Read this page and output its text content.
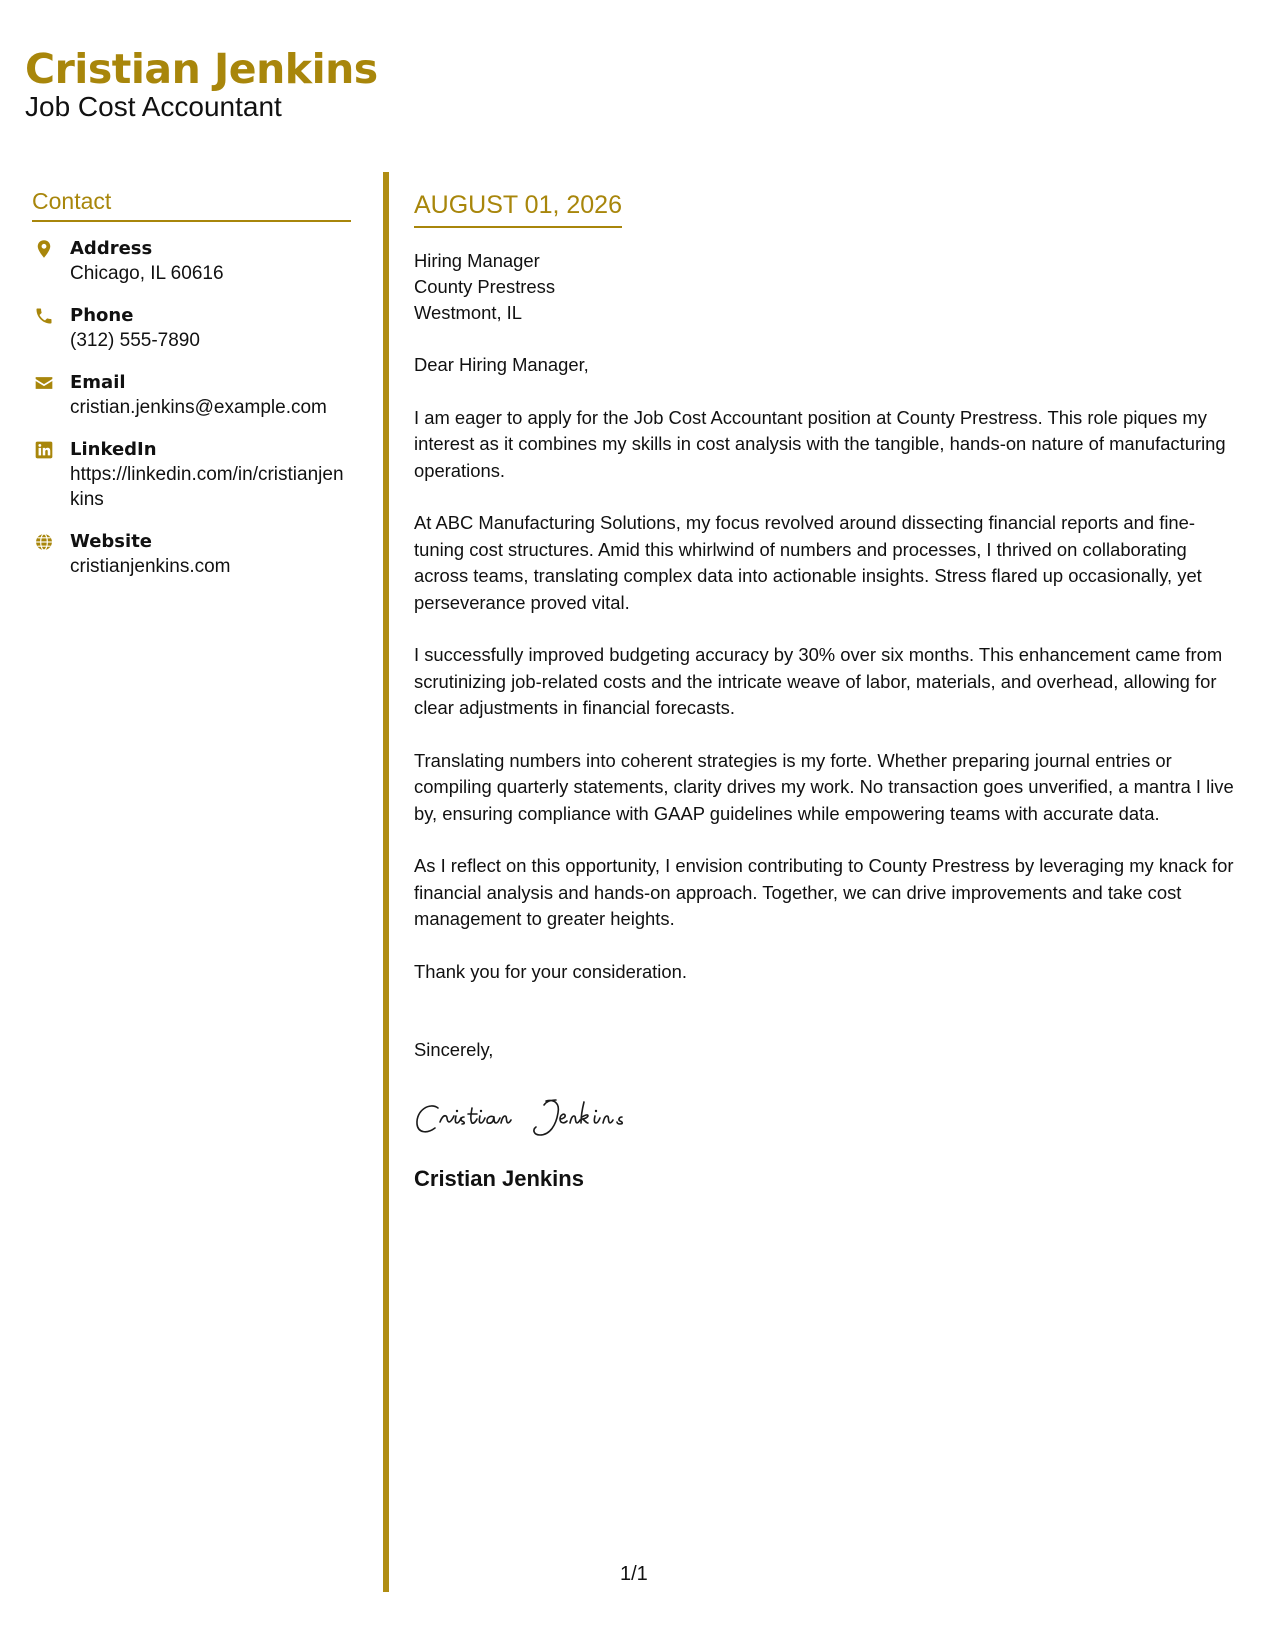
Cristian Jenkins
Job Cost Accountant
Contact
Address
Chicago, IL 60616
Phone
(312) 555-7890
Email
cristian.jenkins@example.com
LinkedIn
https://linkedin.com/in/cristianjenkins
Website
cristianjenkins.com
AUGUST 01, 2026
Hiring Manager
County Prestress
Westmont, IL

Dear Hiring Manager,

I am eager to apply for the Job Cost Accountant position at County Prestress. This role piques my interest as it combines my skills in cost analysis with the tangible, hands-on nature of manufacturing operations.

At ABC Manufacturing Solutions, my focus revolved around dissecting financial reports and fine-tuning cost structures. Amid this whirlwind of numbers and processes, I thrived on collaborating across teams, translating complex data into actionable insights. Stress flared up occasionally, yet perseverance proved vital.

I successfully improved budgeting accuracy by 30% over six months. This enhancement came from scrutinizing job-related costs and the intricate weave of labor, materials, and overhead, allowing for clear adjustments in financial forecasts.

Translating numbers into coherent strategies is my forte. Whether preparing journal entries or compiling quarterly statements, clarity drives my work. No transaction goes unverified, a mantra I live by, ensuring compliance with GAAP guidelines while empowering teams with accurate data.

As I reflect on this opportunity, I envision contributing to County Prestress by leveraging my knack for financial analysis and hands-on approach. Together, we can drive improvements and take cost management to greater heights.

Thank you for your consideration.

Sincerely,

Cristian Jenkins
1/1
